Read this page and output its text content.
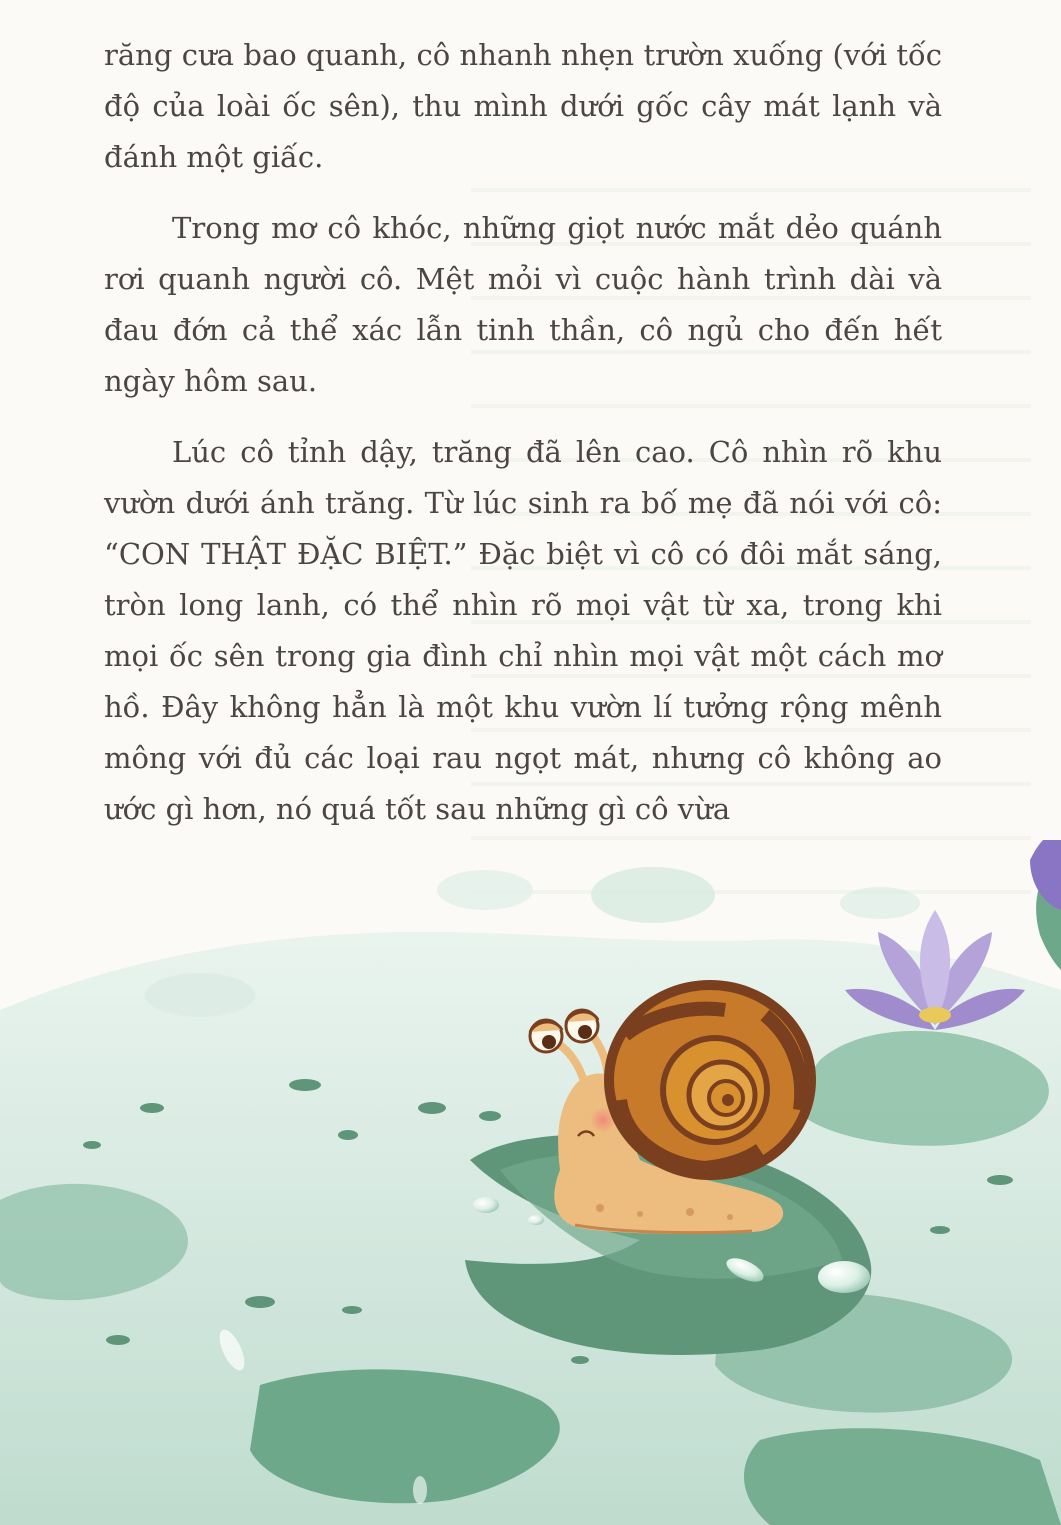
răng cưa bao quanh, cô nhanh nhẹn trườn xuống (với tốc độ của loài ốc sên), thu mình dưới gốc cây mát lạnh và đánh một giấc.

Trong mơ cô khóc, những giọt nước mắt dẻo quánh rơi quanh người cô. Mệt mỏi vì cuộc hành trình dài và đau đớn cả thể xác lẫn tinh thần, cô ngủ cho đến hết ngày hôm sau.

Lúc cô tỉnh dậy, trăng đã lên cao. Cô nhìn rõ khu vườn dưới ánh trăng. Từ lúc sinh ra bố mẹ đã nói với cô: “CON THẬT ĐẶC BIỆT.” Đặc biệt vì cô có đôi mắt sáng, tròn long lanh, có thể nhìn rõ mọi vật từ xa, trong khi mọi ốc sên trong gia đình chỉ nhìn mọi vật một cách mơ hồ. Đây không hẳn là một khu vườn lí tưởng rộng mênh mông với đủ các loại rau ngọt mát, nhưng cô không ao ước gì hơn, nó quá tốt sau những gì cô vừa
